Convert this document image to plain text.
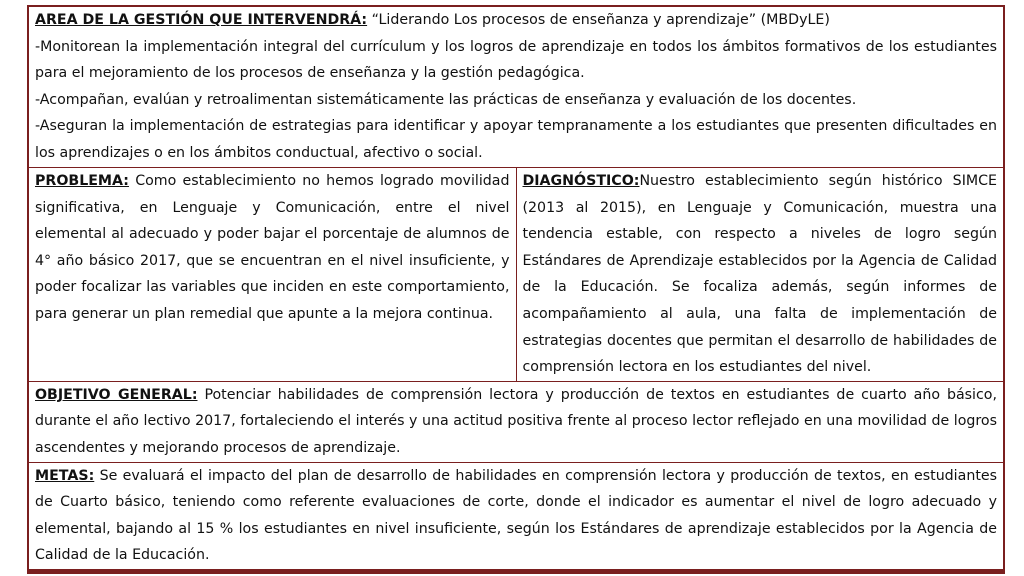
AREA DE LA GESTIÓN QUE INTERVENDRÁ: “Liderando Los procesos de enseñanza y aprendizaje” (MBDyLE)

-Monitorean la implementación integral del currículum y los logros de aprendizaje en todos los ámbitos formativos de los estudiantes para el mejoramiento de los procesos de enseñanza y la gestión pedagógica.

-Acompañan, evalúan y retroalimentan sistemáticamente las prácticas de enseñanza y evaluación de los docentes.

-Aseguran la implementación de estrategias para identificar y apoyar tempranamente a los estudiantes que presenten dificultades en los aprendizajes o en los ámbitos conductual, afectivo o social.

PROBLEMA: Como establecimiento no hemos logrado movilidad significativa, en Lenguaje y Comunicación, entre el nivel elemental al adecuado y poder bajar el porcentaje de alumnos de 4° año básico 2017, que se encuentran en el nivel insuficiente, y poder focalizar las variables que inciden en este comportamiento, para generar un plan remedial que apunte a la mejora continua.

DIAGNÓSTICO:Nuestro establecimiento según histórico SIMCE (2013 al 2015), en Lenguaje y Comunicación, muestra una tendencia estable, con respecto a niveles de logro según Estándares de Aprendizaje establecidos por la Agencia de Calidad de la Educación. Se focaliza además, según informes de acompañamiento al aula, una falta de implementación de estrategias docentes que permitan el desarrollo de habilidades de comprensión lectora en los estudiantes del nivel.

OBJETIVO GENERAL: Potenciar habilidades de comprensión lectora y producción de textos en estudiantes de cuarto año básico, durante el año lectivo 2017, fortaleciendo el interés y una actitud positiva frente al proceso lector reflejado en una movilidad de logros ascendentes y mejorando procesos de aprendizaje.

METAS: Se evaluará el impacto del plan de desarrollo de habilidades en comprensión lectora y producción de textos, en estudiantes de Cuarto básico, teniendo como referente evaluaciones de corte, donde el indicador es aumentar el nivel de logro adecuado y elemental, bajando al 15 % los estudiantes en nivel insuficiente, según los Estándares de aprendizaje establecidos por la Agencia de Calidad de la Educación.
